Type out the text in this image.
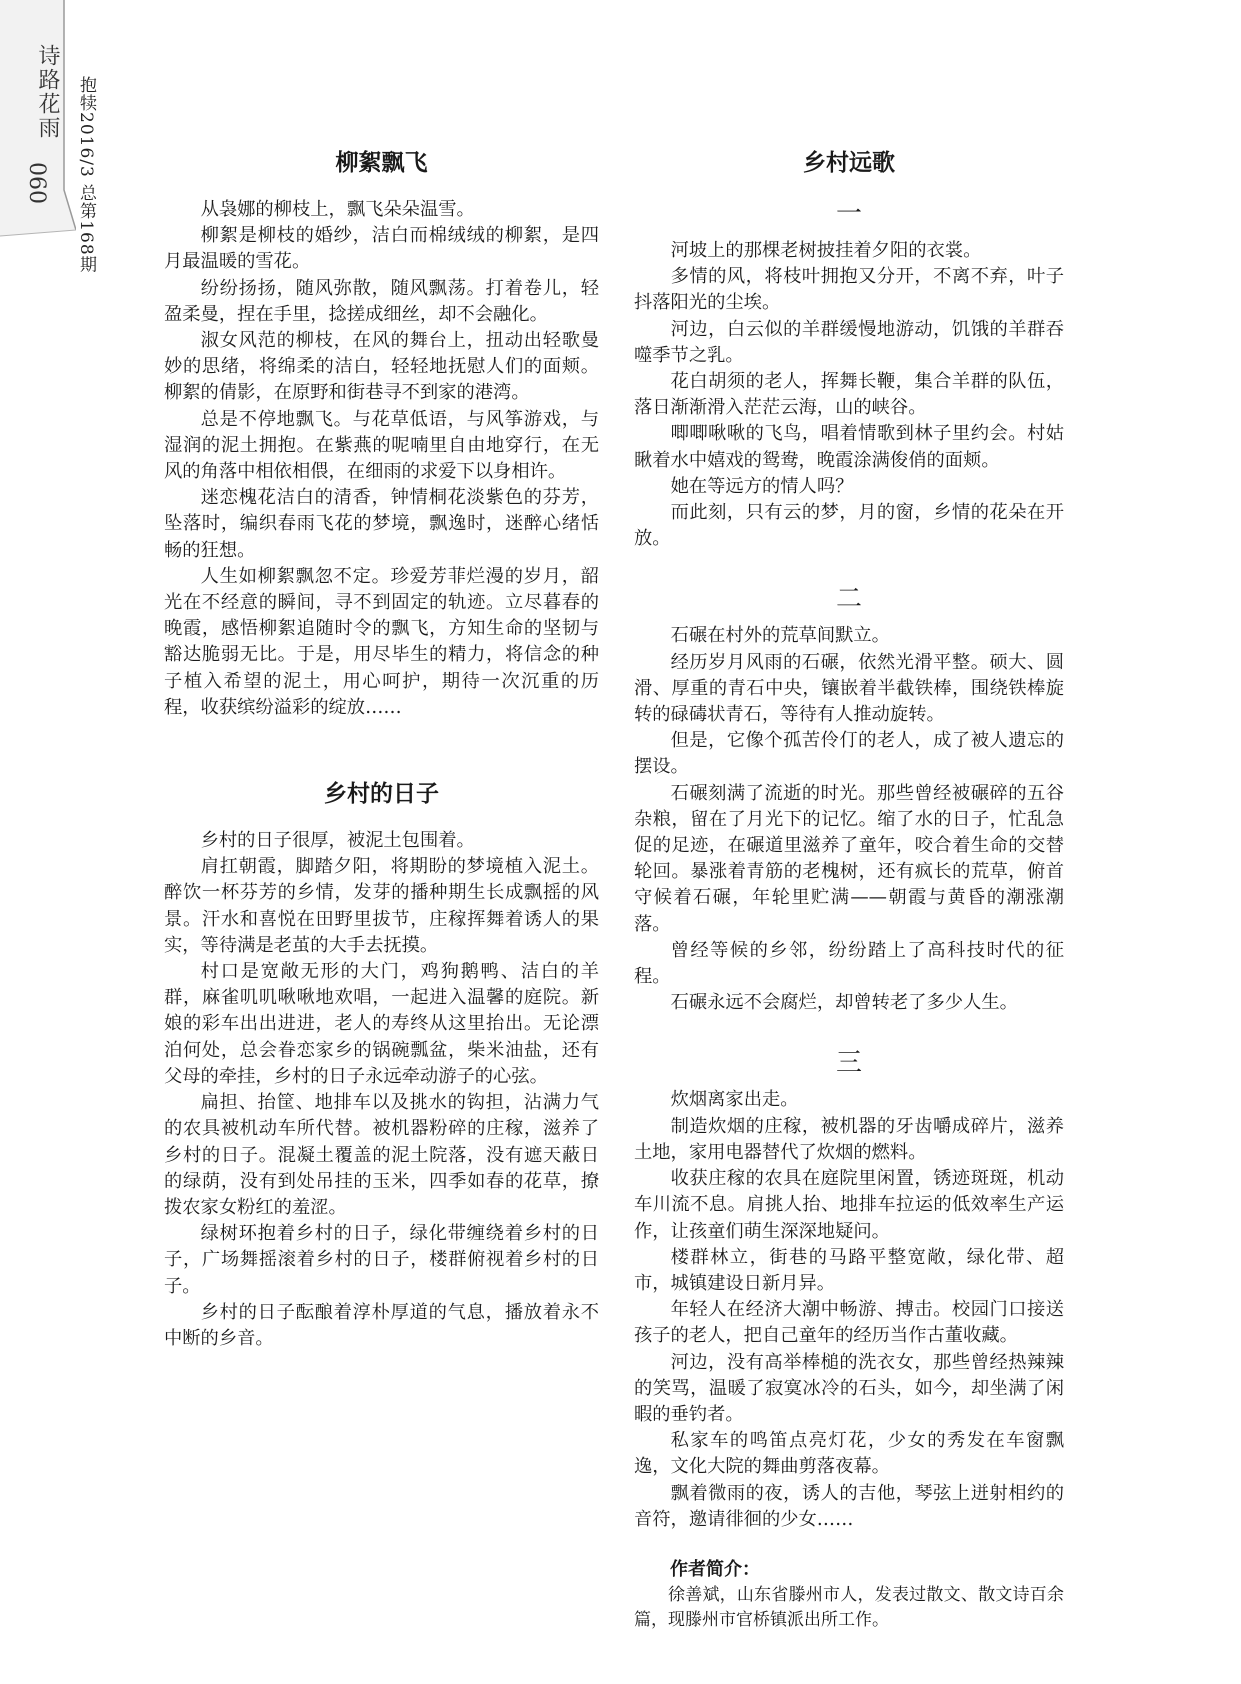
诗路花雨
060 抱犊2016/3 总第168期	柳絮飘飞

从袅娜的柳枝上，飘飞朵朵温雪。

柳絮是柳枝的婚纱，洁白而棉绒绒的柳絮，是四月最温暖的雪花。

纷纷扬扬，随风弥散，随风飘荡。打着卷儿，轻盈柔曼，捏在手里，捻搓成细丝，却不会融化。

淑女风范的柳枝，在风的舞台上，扭动出轻歌曼妙的思绪，将绵柔的洁白，轻轻地抚慰人们的面颊。柳絮的倩影，在原野和街巷寻不到家的港湾。

总是不停地飘飞。与花草低语，与风筝游戏，与湿润的泥土拥抱。在紫燕的呢喃里自由地穿行，在无风的角落中相依相偎，在细雨的求爱下以身相许。

迷恋槐花洁白的清香，钟情桐花淡紫色的芬芳，坠落时，编织春雨飞花的梦境，飘逸时，迷醉心绪恬畅的狂想。

人生如柳絮飘忽不定。珍爱芳菲烂漫的岁月，韶光在不经意的瞬间，寻不到固定的轨迹。立尽暮春的晚霞，感悟柳絮追随时令的飘飞，方知生命的坚韧与豁达脆弱无比。于是，用尽毕生的精力，将信念的种子植入希望的泥土，用心呵护，期待一次沉重的历程，收获缤纷溢彩的绽放……

乡村的日子

乡村的日子很厚，被泥土包围着。

肩扛朝霞，脚踏夕阳，将期盼的梦境植入泥土。醉饮一杯芬芳的乡情，发芽的播种期生长成飘摇的风景。汗水和喜悦在田野里拔节，庄稼挥舞着诱人的果实，等待满是老茧的大手去抚摸。

村口是宽敞无形的大门，鸡狗鹅鸭、洁白的羊群，麻雀叽叽啾啾地欢唱，一起进入温馨的庭院。新娘的彩车出出进进，老人的寿终从这里抬出。无论漂泊何处，总会眷恋家乡的锅碗瓢盆，柴米油盐，还有父母的牵挂，乡村的日子永远牵动游子的心弦。

扁担、抬筐、地排车以及挑水的钩担，沾满力气的农具被机动车所代替。被机器粉碎的庄稼，滋养了乡村的日子。混凝土覆盖的泥土院落，没有遮天蔽日的绿荫，没有到处吊挂的玉米，四季如春的花草，撩拨农家女粉红的羞涩。

绿树环抱着乡村的日子，绿化带缠绕着乡村的日子，广场舞摇滚着乡村的日子，楼群俯视着乡村的日子。

乡村的日子酝酿着淳朴厚道的气息，播放着永不中断的乡音。

乡村远歌
一

河坡上的那棵老树披挂着夕阳的衣裳。

多情的风，将枝叶拥抱又分开，不离不弃，叶子抖落阳光的尘埃。

河边，白云似的羊群缓慢地游动，饥饿的羊群吞噬季节之乳。

花白胡须的老人，挥舞长鞭，集合羊群的队伍，落日渐渐滑入茫茫云海，山的峡谷。

唧唧啾啾的飞鸟，唱着情歌到林子里约会。村姑瞅着水中嬉戏的鸳鸯，晚霞涂满俊俏的面颊。

她在等远方的情人吗？

而此刻，只有云的梦，月的窗，乡情的花朵在开放。

二

石碾在村外的荒草间默立。

经历岁月风雨的石碾，依然光滑平整。硕大、圆滑、厚重的青石中央，镶嵌着半截铁棒，围绕铁棒旋转的碌碡状青石，等待有人推动旋转。

但是，它像个孤苦伶仃的老人，成了被人遗忘的摆设。

石碾刻满了流逝的时光。那些曾经被碾碎的五谷杂粮，留在了月光下的记忆。缩了水的日子，忙乱急促的足迹，在碾道里滋养了童年，咬合着生命的交替轮回。暴涨着青筋的老槐树，还有疯长的荒草，俯首守候着石碾，年轮里贮满——朝霞与黄昏的潮涨潮落。

曾经等候的乡邻，纷纷踏上了高科技时代的征程。

石碾永远不会腐烂，却曾转老了多少人生。

三

炊烟离家出走。

制造炊烟的庄稼，被机器的牙齿嚼成碎片，滋养土地，家用电器替代了炊烟的燃料。

收获庄稼的农具在庭院里闲置，锈迹斑斑，机动车川流不息。肩挑人抬、地排车拉运的低效率生产运作，让孩童们萌生深深地疑问。

楼群林立，街巷的马路平整宽敞，绿化带、超市，城镇建设日新月异。

年轻人在经济大潮中畅游、搏击。校园门口接送孩子的老人，把自己童年的经历当作古董收藏。

河边，没有高举棒槌的洗衣女，那些曾经热辣辣的笑骂，温暖了寂寞冰冷的石头，如今，却坐满了闲暇的垂钓者。

私家车的鸣笛点亮灯花，少女的秀发在车窗飘逸，文化大院的舞曲剪落夜幕。

飘着微雨的夜，诱人的吉他，琴弦上迸射相约的音符，邀请徘徊的少女……

作者简介：

徐善斌，山东省滕州市人，发表过散文、散文诗百余篇，现滕州市官桥镇派出所工作。
